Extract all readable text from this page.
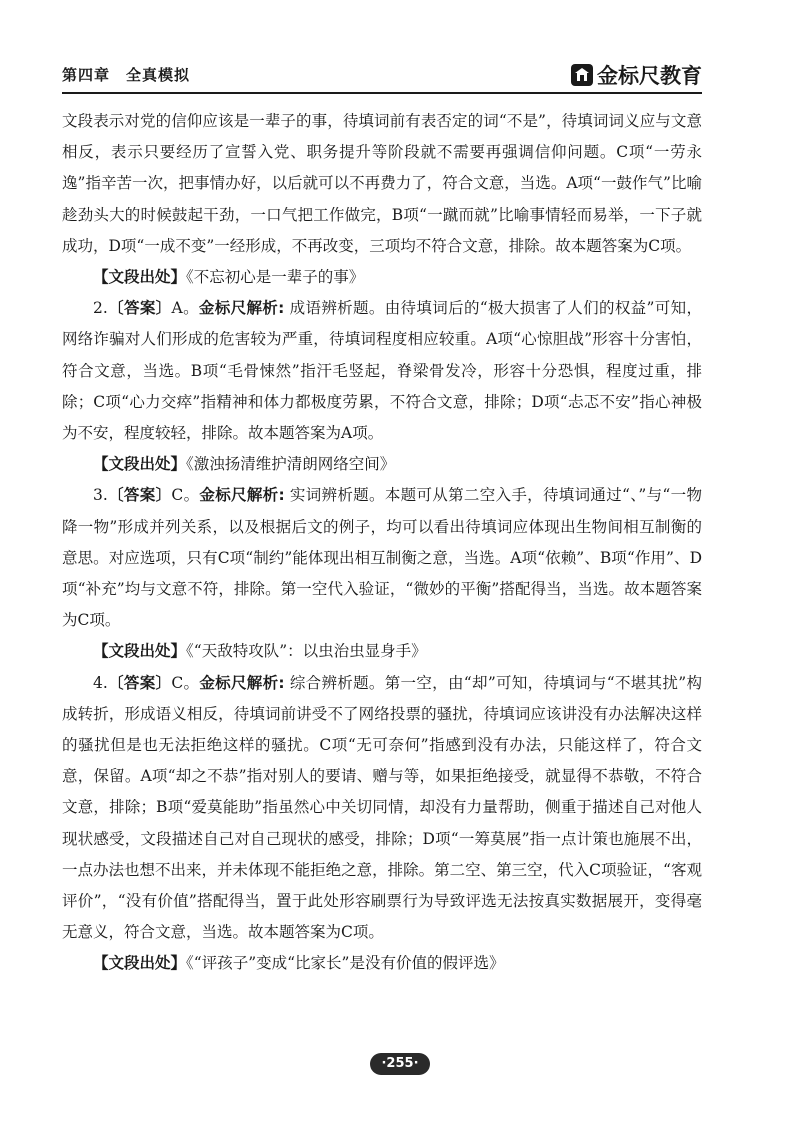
第四章　全真模拟	金标尺教育

文段表示对党的信仰应该是一辈子的事，待填词前有表否定的词“不是”，待填词词义应与文意相反，表示只要经历了宣誓入党、职务提升等阶段就不需要再强调信仰问题。C项“一劳永逸”指辛苦一次，把事情办好，以后就可以不再费力了，符合文意，当选。A项“一鼓作气”比喻趁劲头大的时候鼓起干劲，一口气把工作做完，B项“一蹴而就”比喻事情轻而易举，一下子就成功，D项“一成不变”一经形成，不再改变，三项均不符合文意，排除。故本题答案为C项。

【文段出处】《不忘初心是一辈子的事》

2.〔答案〕A。金标尺解析: 成语辨析题。由待填词后的“极大损害了人们的权益”可知，网络诈骗对人们形成的危害较为严重，待填词程度相应较重。A项“心惊胆战”形容十分害怕，符合文意，当选。B项“毛骨悚然”指汗毛竖起，脊梁骨发冷，形容十分恐惧，程度过重，排除；C项“心力交瘁”指精神和体力都极度劳累，不符合文意，排除；D项“忐忑不安”指心神极为不安，程度较轻，排除。故本题答案为A项。

【文段出处】《激浊扬清维护清朗网络空间》

3.〔答案〕C。金标尺解析: 实词辨析题。本题可从第二空入手，待填词通过“、”与“一物降一物”形成并列关系，以及根据后文的例子，均可以看出待填词应体现出生物间相互制衡的意思。对应选项，只有C项“制约”能体现出相互制衡之意，当选。A项“依赖”、B项“作用”、D项“补充”均与文意不符，排除。第一空代入验证，“微妙的平衡”搭配得当，当选。故本题答案为C项。

【文段出处】《“天敌特攻队”：以虫治虫显身手》

4.〔答案〕C。金标尺解析: 综合辨析题。第一空，由“却”可知，待填词与“不堪其扰”构成转折，形成语义相反，待填词前讲受不了网络投票的骚扰，待填词应该讲没有办法解决这样的骚扰但是也无法拒绝这样的骚扰。C项“无可奈何”指感到没有办法，只能这样了，符合文意，保留。A项“却之不恭”指对别人的要请、赠与等，如果拒绝接受，就显得不恭敬，不符合文意，排除；B项“爱莫能助”指虽然心中关切同情，却没有力量帮助，侧重于描述自己对他人现状感受，文段描述自己对自己现状的感受，排除；D项“一筹莫展”指一点计策也施展不出，一点办法也想不出来，并未体现不能拒绝之意，排除。第二空、第三空，代入C项验证，“客观评价”，“没有价值”搭配得当，置于此处形容刷票行为导致评选无法按真实数据展开，变得毫无意义，符合文意，当选。故本题答案为C项。

【文段出处】《“评孩子”变成“比家长”是没有价值的假评选》

·255·
